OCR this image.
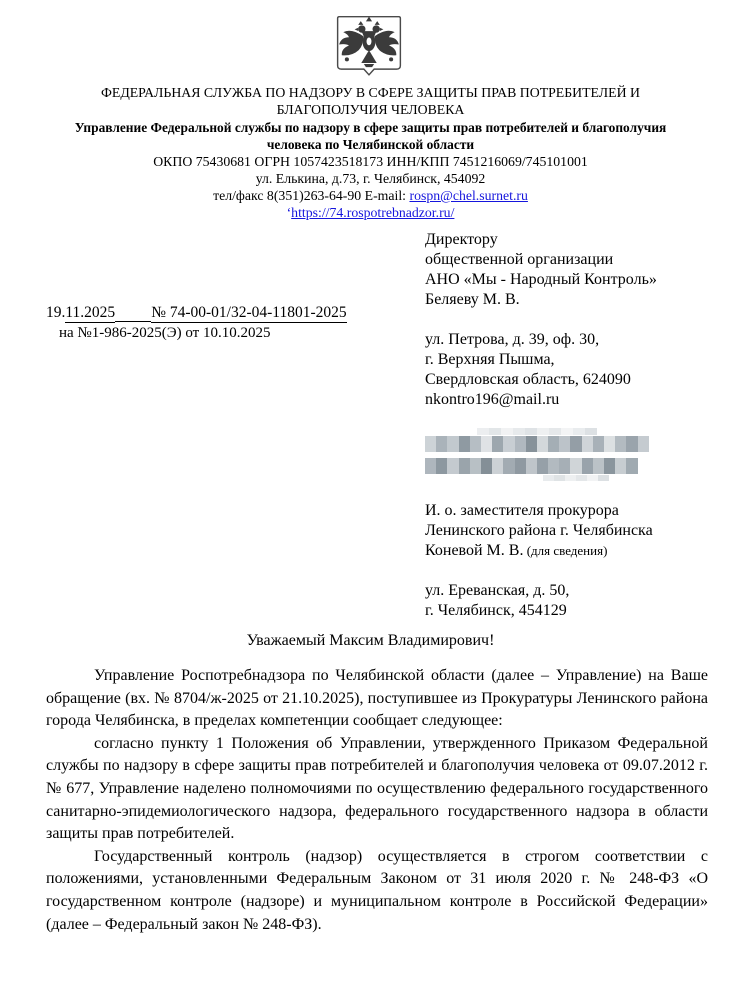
ФЕДЕРАЛЬНАЯ СЛУЖБА ПО НАДЗОРУ В СФЕРЕ ЗАЩИТЫ ПРАВ ПОТРЕБИТЕЛЕЙ И БЛАГОПОЛУЧИЯ ЧЕЛОВЕКА
Управление Федеральной службы по надзору в сфере защиты прав потребителей и благополучия человека по Челябинской области
ОКПО 75430681 ОГРН 1057423518173 ИНН/КПП 7451216069/745101001
ул. Елькина, д.73, г. Челябинск, 454092
тел/факс 8(351)263-64-90 E-mail: rospn@chel.surnet.ru
‘https://74.rospotrebnadzor.ru/
19.11.2025 № 74-00-01/32-04-11801-2025
на №1-986-2025(Э) от 10.10.2025
Директору
общественной организации
АНО «Мы - Народный Контроль»
Беляеву М. В.
ул. Петрова, д. 39, оф. 30,
г. Верхняя Пышма,
Свердловская область, 624090
nkontro196@mail.ru
И. о. заместителя прокурора
Ленинского района г. Челябинска
Коневой М. В. (для сведения)
ул. Ереванская, д. 50,
г. Челябинск, 454129
Уважаемый Максим Владимирович!

Управление Роспотребнадзора по Челябинской области (далее – Управление) на Ваше обращение (вх. № 8704/ж-2025 от 21.10.2025), поступившее из Прокуратуры Ленинского района города Челябинска, в пределах компетенции сообщает следующее:

согласно пункту 1 Положения об Управлении, утвержденного Приказом Федеральной службы по надзору в сфере защиты прав потребителей и благополучия человека от 09.07.2012 г. № 677, Управление наделено полномочиями по осуществлению федерального государственного санитарно-эпидемиологического надзора, федерального государственного надзора в области защиты прав потребителей.

Государственный контроль (надзор) осуществляется в строгом соответствии с положениями, установленными Федеральным Законом от 31 июля 2020 г. № 248-ФЗ «О государственном контроле (надзоре) и муниципальном контроле в Российской Федерации» (далее – Федеральный закон № 248-ФЗ).
